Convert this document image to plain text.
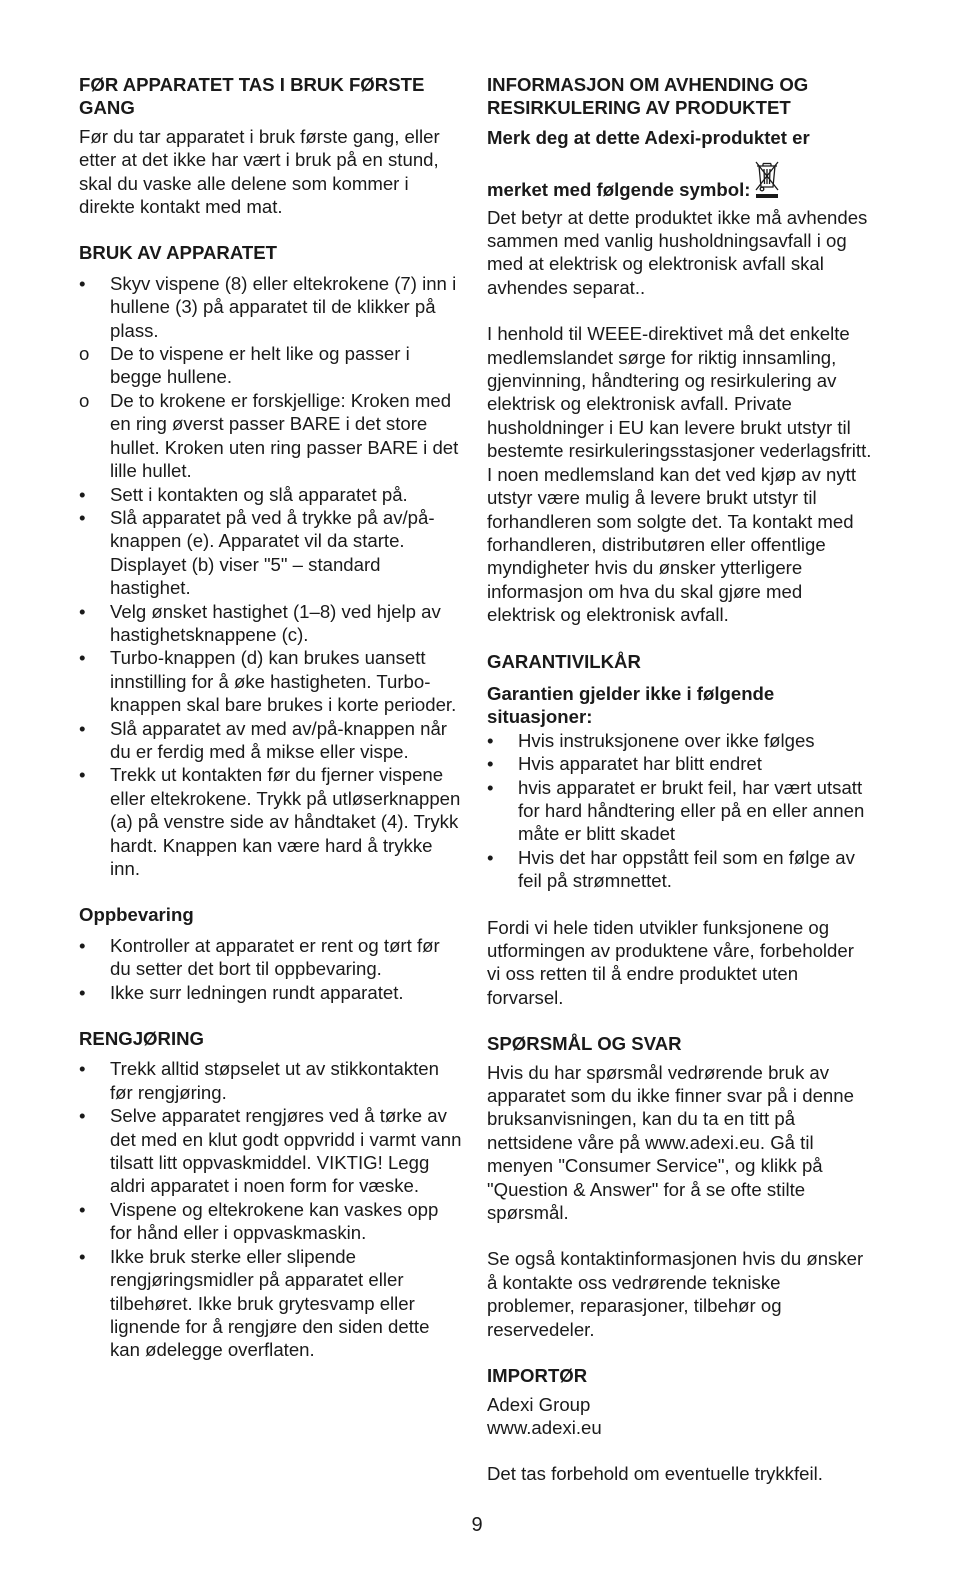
FØR APPARATET TAS I BRUK FØRSTE GANG

Før du tar apparatet i bruk første gang, eller etter at det ikke har vært i bruk på en stund, skal du vaske alle delene som kommer i direkte kontakt med mat.

BRUK AV APPARATET
• Skyv vispene (8) eller eltekrokene (7) inn i hullene (3) på apparatet til de klikker på plass.
o De to vispene er helt like og passer i begge hullene.
o De to krokene er forskjellige: Kroken med en ring øverst passer BARE i det store hullet. Kroken uten ring passer BARE i det lille hullet.
• Sett i kontakten og slå apparatet på.
• Slå apparatet på ved å trykke på av/på-knappen (e). Apparatet vil da starte. Displayet (b) viser "5" – standard hastighet.
• Velg ønsket hastighet (1–8) ved hjelp av hastighetsknappene (c).
• Turbo-knappen (d) kan brukes uansett innstilling for å øke hastigheten. Turbo-knappen skal bare brukes i korte perioder.
• Slå apparatet av med av/på-knappen når du er ferdig med å mikse eller vispe.
• Trekk ut kontakten før du fjerner vispene eller eltekrokene. Trykk på utløserknappen (a) på venstre side av håndtaket (4). Trykk hardt. Knappen kan være hard å trykke inn.
Oppbevaring
• Kontroller at apparatet er rent og tørt før du setter det bort til oppbevaring.
• Ikke surr ledningen rundt apparatet.
RENGJØRING
• Trekk alltid støpselet ut av stikkontakten før rengjøring.
• Selve apparatet rengjøres ved å tørke av det med en klut godt oppvridd i varmt vann tilsatt litt oppvaskmiddel. VIKTIG! Legg aldri apparatet i noen form for væske.
• Vispene og eltekrokene kan vaskes opp for hånd eller i oppvaskmaskin.
• Ikke bruk sterke eller slipende rengjøringsmidler på apparatet eller tilbehøret. Ikke bruk grytesvamp eller lignende for å rengjøre den siden dette kan ødelegge overflaten.
INFORMASJON OM AVHENDING OG RESIRKULERING AV PRODUKTET

Merk deg at dette Adexi-produktet er

merket med følgende symbol:

Det betyr at dette produktet ikke må avhendes sammen med vanlig husholdningsavfall i og med at elektrisk og elektronisk avfall skal avhendes separat..

I henhold til WEEE-direktivet må det enkelte medlemslandet sørge for riktig innsamling, gjenvinning, håndtering og resirkulering av elektrisk og elektronisk avfall. Private husholdninger i EU kan levere brukt utstyr til bestemte resirkuleringsstasjoner vederlagsfritt. I noen medlemsland kan det ved kjøp av nytt utstyr være mulig å levere brukt utstyr til forhandleren som solgte det. Ta kontakt med forhandleren, distributøren eller offentlige myndigheter hvis du ønsker ytterligere informasjon om hva du skal gjøre med elektrisk og elektronisk avfall.

GARANTIVILKÅR

Garantien gjelder ikke i følgende situasjoner:

• Hvis instruksjonene over ikke følges
• Hvis apparatet har blitt endret
• hvis apparatet er brukt feil, har vært utsatt for hard håndtering eller på en eller annen måte er blitt skadet
• Hvis det har oppstått feil som en følge av feil på strømnettet.

Fordi vi hele tiden utvikler funksjonene og utformingen av produktene våre, forbeholder vi oss retten til å endre produktet uten forvarsel.

SPØRSMÅL OG SVAR

Hvis du har spørsmål vedrørende bruk av apparatet som du ikke finner svar på i denne bruksanvisningen, kan du ta en titt på nettsidene våre på www.adexi.eu. Gå til menyen "Consumer Service", og klikk på "Question & Answer" for å se ofte stilte spørsmål.

Se også kontaktinformasjonen hvis du ønsker å kontakte oss vedrørende tekniske problemer, reparasjoner, tilbehør og reservedeler.

IMPORTØR

Adexi Group

www.adexi.eu

Det tas forbehold om eventuelle trykkfeil.

9
